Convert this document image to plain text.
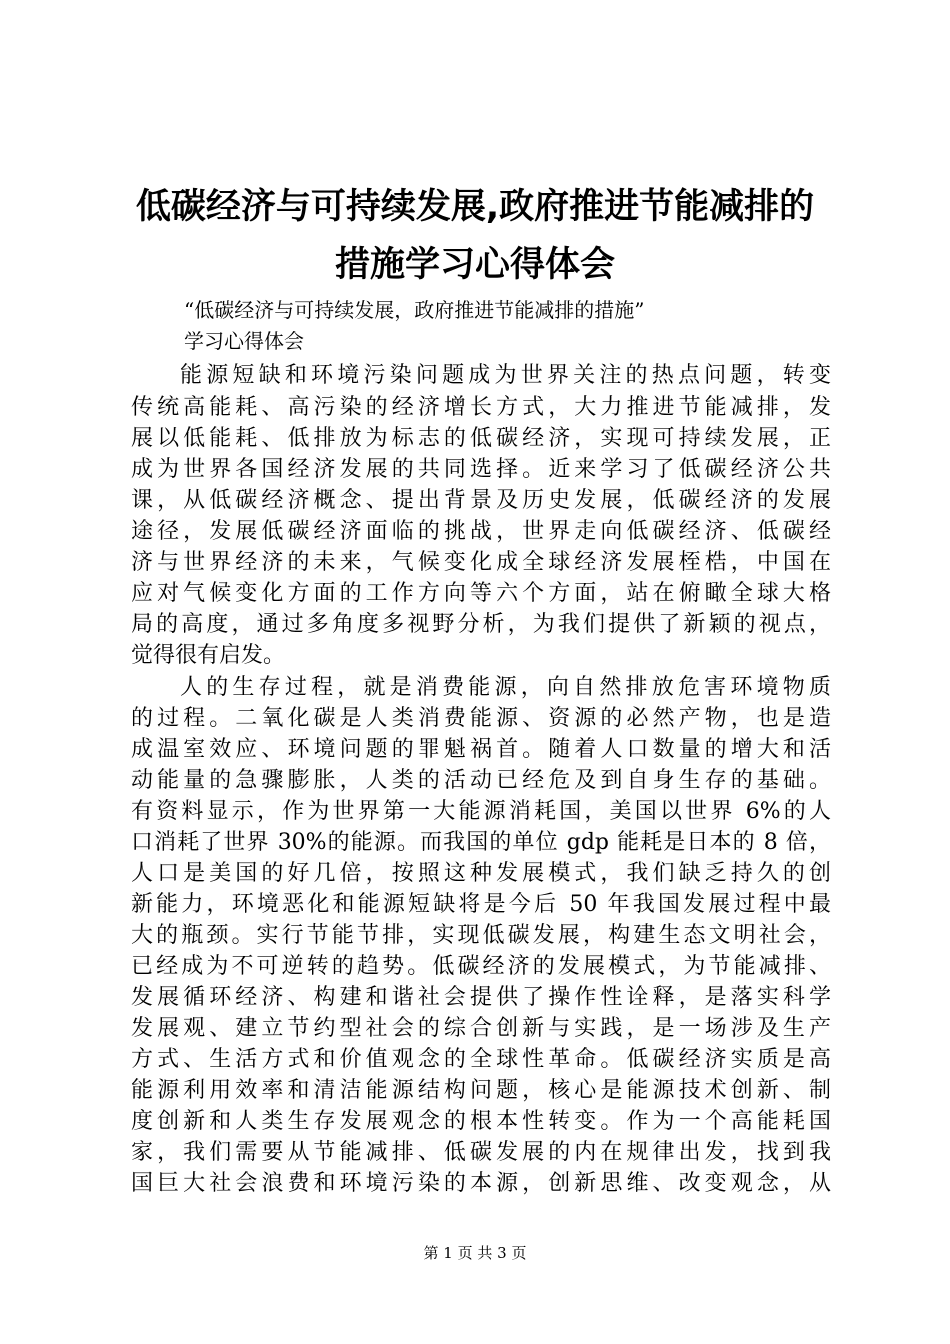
低碳经济与可持续发展,政府推进节能减排的
措施学习心得体会
“低碳经济与可持续发展，政府推进节能减排的措施”
学习心得体会
能源短缺和环境污染问题成为世界关注的热点问题，转变
传统高能耗、高污染的经济增长方式，大力推进节能减排，发
展以低能耗、低排放为标志的低碳经济，实现可持续发展，正
成为世界各国经济发展的共同选择。近来学习了低碳经济公共
课，从低碳经济概念、提出背景及历史发展，低碳经济的发展
途径，发展低碳经济面临的挑战，世界走向低碳经济、低碳经
济与世界经济的未来，气候变化成全球经济发展桎梏，中国在
应对气候变化方面的工作方向等六个方面，站在俯瞰全球大格
局的高度，通过多角度多视野分析，为我们提供了新颖的视点，
觉得很有启发。
人的生存过程，就是消费能源，向自然排放危害环境物质
的过程。二氧化碳是人类消费能源、资源的必然产物，也是造
成温室效应、环境问题的罪魁祸首。随着人口数量的增大和活
动能量的急骤膨胀，人类的活动已经危及到自身生存的基础。
有资料显示，作为世界第一大能源消耗国，美国以世界 6%的人
口消耗了世界 30%的能源。而我国的单位 gdp 能耗是日本的 8 倍，
人口是美国的好几倍，按照这种发展模式，我们缺乏持久的创
新能力，环境恶化和能源短缺将是今后 50 年我国发展过程中最
大的瓶颈。实行节能节排，实现低碳发展，构建生态文明社会，
已经成为不可逆转的趋势。低碳经济的发展模式，为节能减排、
发展循环经济、构建和谐社会提供了操作性诠释，是落实科学
发展观、建立节约型社会的综合创新与实践，是一场涉及生产
方式、生活方式和价值观念的全球性革命。低碳经济实质是高
能源利用效率和清洁能源结构问题，核心是能源技术创新、制
度创新和人类生存发展观念的根本性转变。作为一个高能耗国
家，我们需要从节能减排、低碳发展的内在规律出发，找到我
国巨大社会浪费和环境污染的本源，创新思维、改变观念，从
第 1 页 共 3 页
